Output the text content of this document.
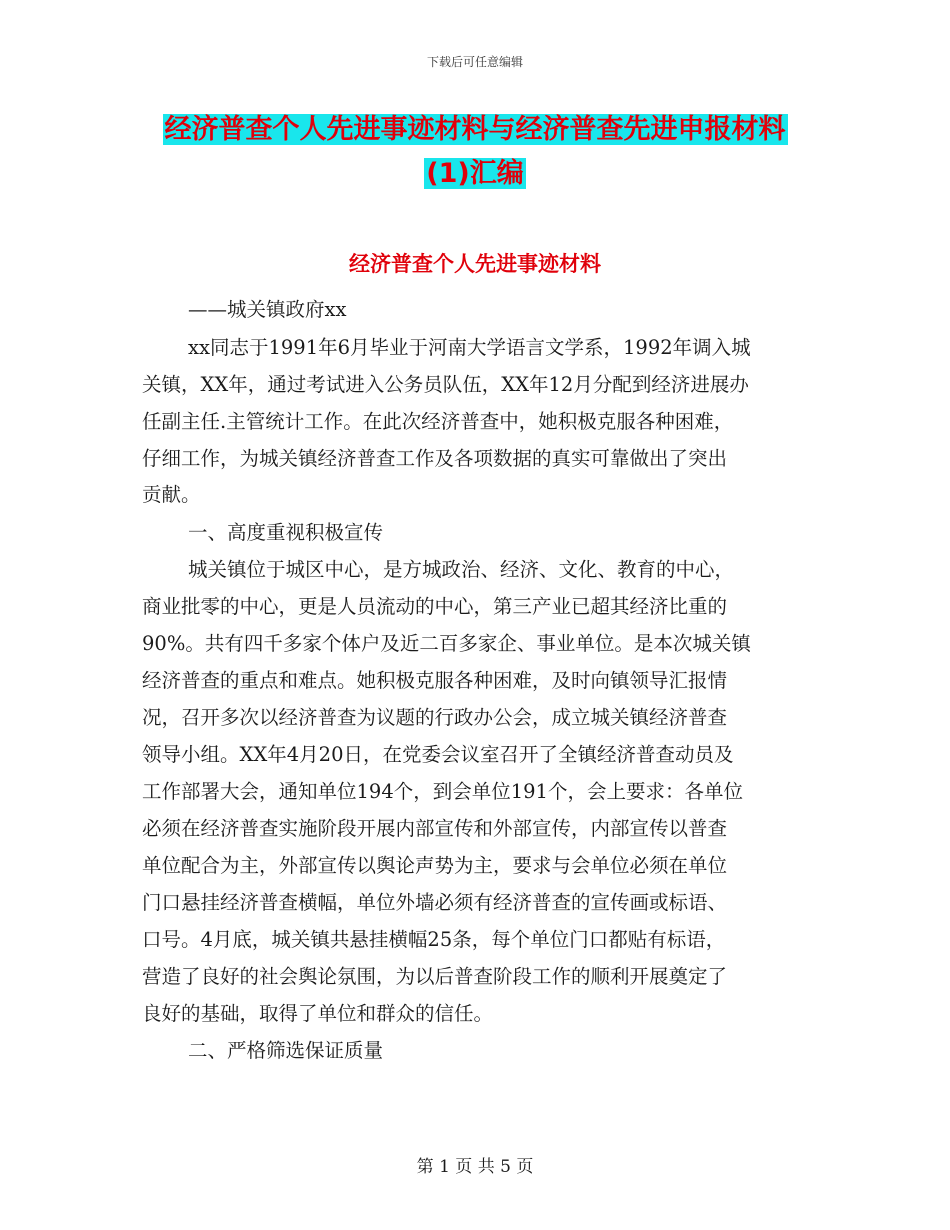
下载后可任意编辑
经济普查个人先进事迹材料与经济普查先进申报材料
(1)汇编
经济普查个人先进事迹材料
——城关镇政府xx
xx同志于1991年6月毕业于河南大学语言文学系，1992年调入城
关镇，XX年，通过考试进入公务员队伍，XX年12月分配到经济进展办
任副主任.主管统计工作。在此次经济普查中，她积极克服各种困难，
仔细工作，为城关镇经济普查工作及各项数据的真实可靠做出了突出
贡献。
一、高度重视积极宣传
城关镇位于城区中心，是方城政治、经济、文化、教育的中心，
商业批零的中心，更是人员流动的中心，第三产业已超其经济比重的
90%。共有四千多家个体户及近二百多家企、事业单位。是本次城关镇
经济普查的重点和难点。她积极克服各种困难，及时向镇领导汇报情
况，召开多次以经济普查为议题的行政办公会，成立城关镇经济普查
领导小组。XX年4月20日，在党委会议室召开了全镇经济普查动员及
工作部署大会，通知单位194个，到会单位191个，会上要求：各单位
必须在经济普查实施阶段开展内部宣传和外部宣传，内部宣传以普查
单位配合为主，外部宣传以舆论声势为主，要求与会单位必须在单位
门口悬挂经济普查横幅，单位外墙必须有经济普查的宣传画或标语、
口号。4月底，城关镇共悬挂横幅25条，每个单位门口都贴有标语，
营造了良好的社会舆论氛围，为以后普查阶段工作的顺利开展奠定了
良好的基础，取得了单位和群众的信任。
二、严格筛选保证质量
第 1 页 共 5 页
